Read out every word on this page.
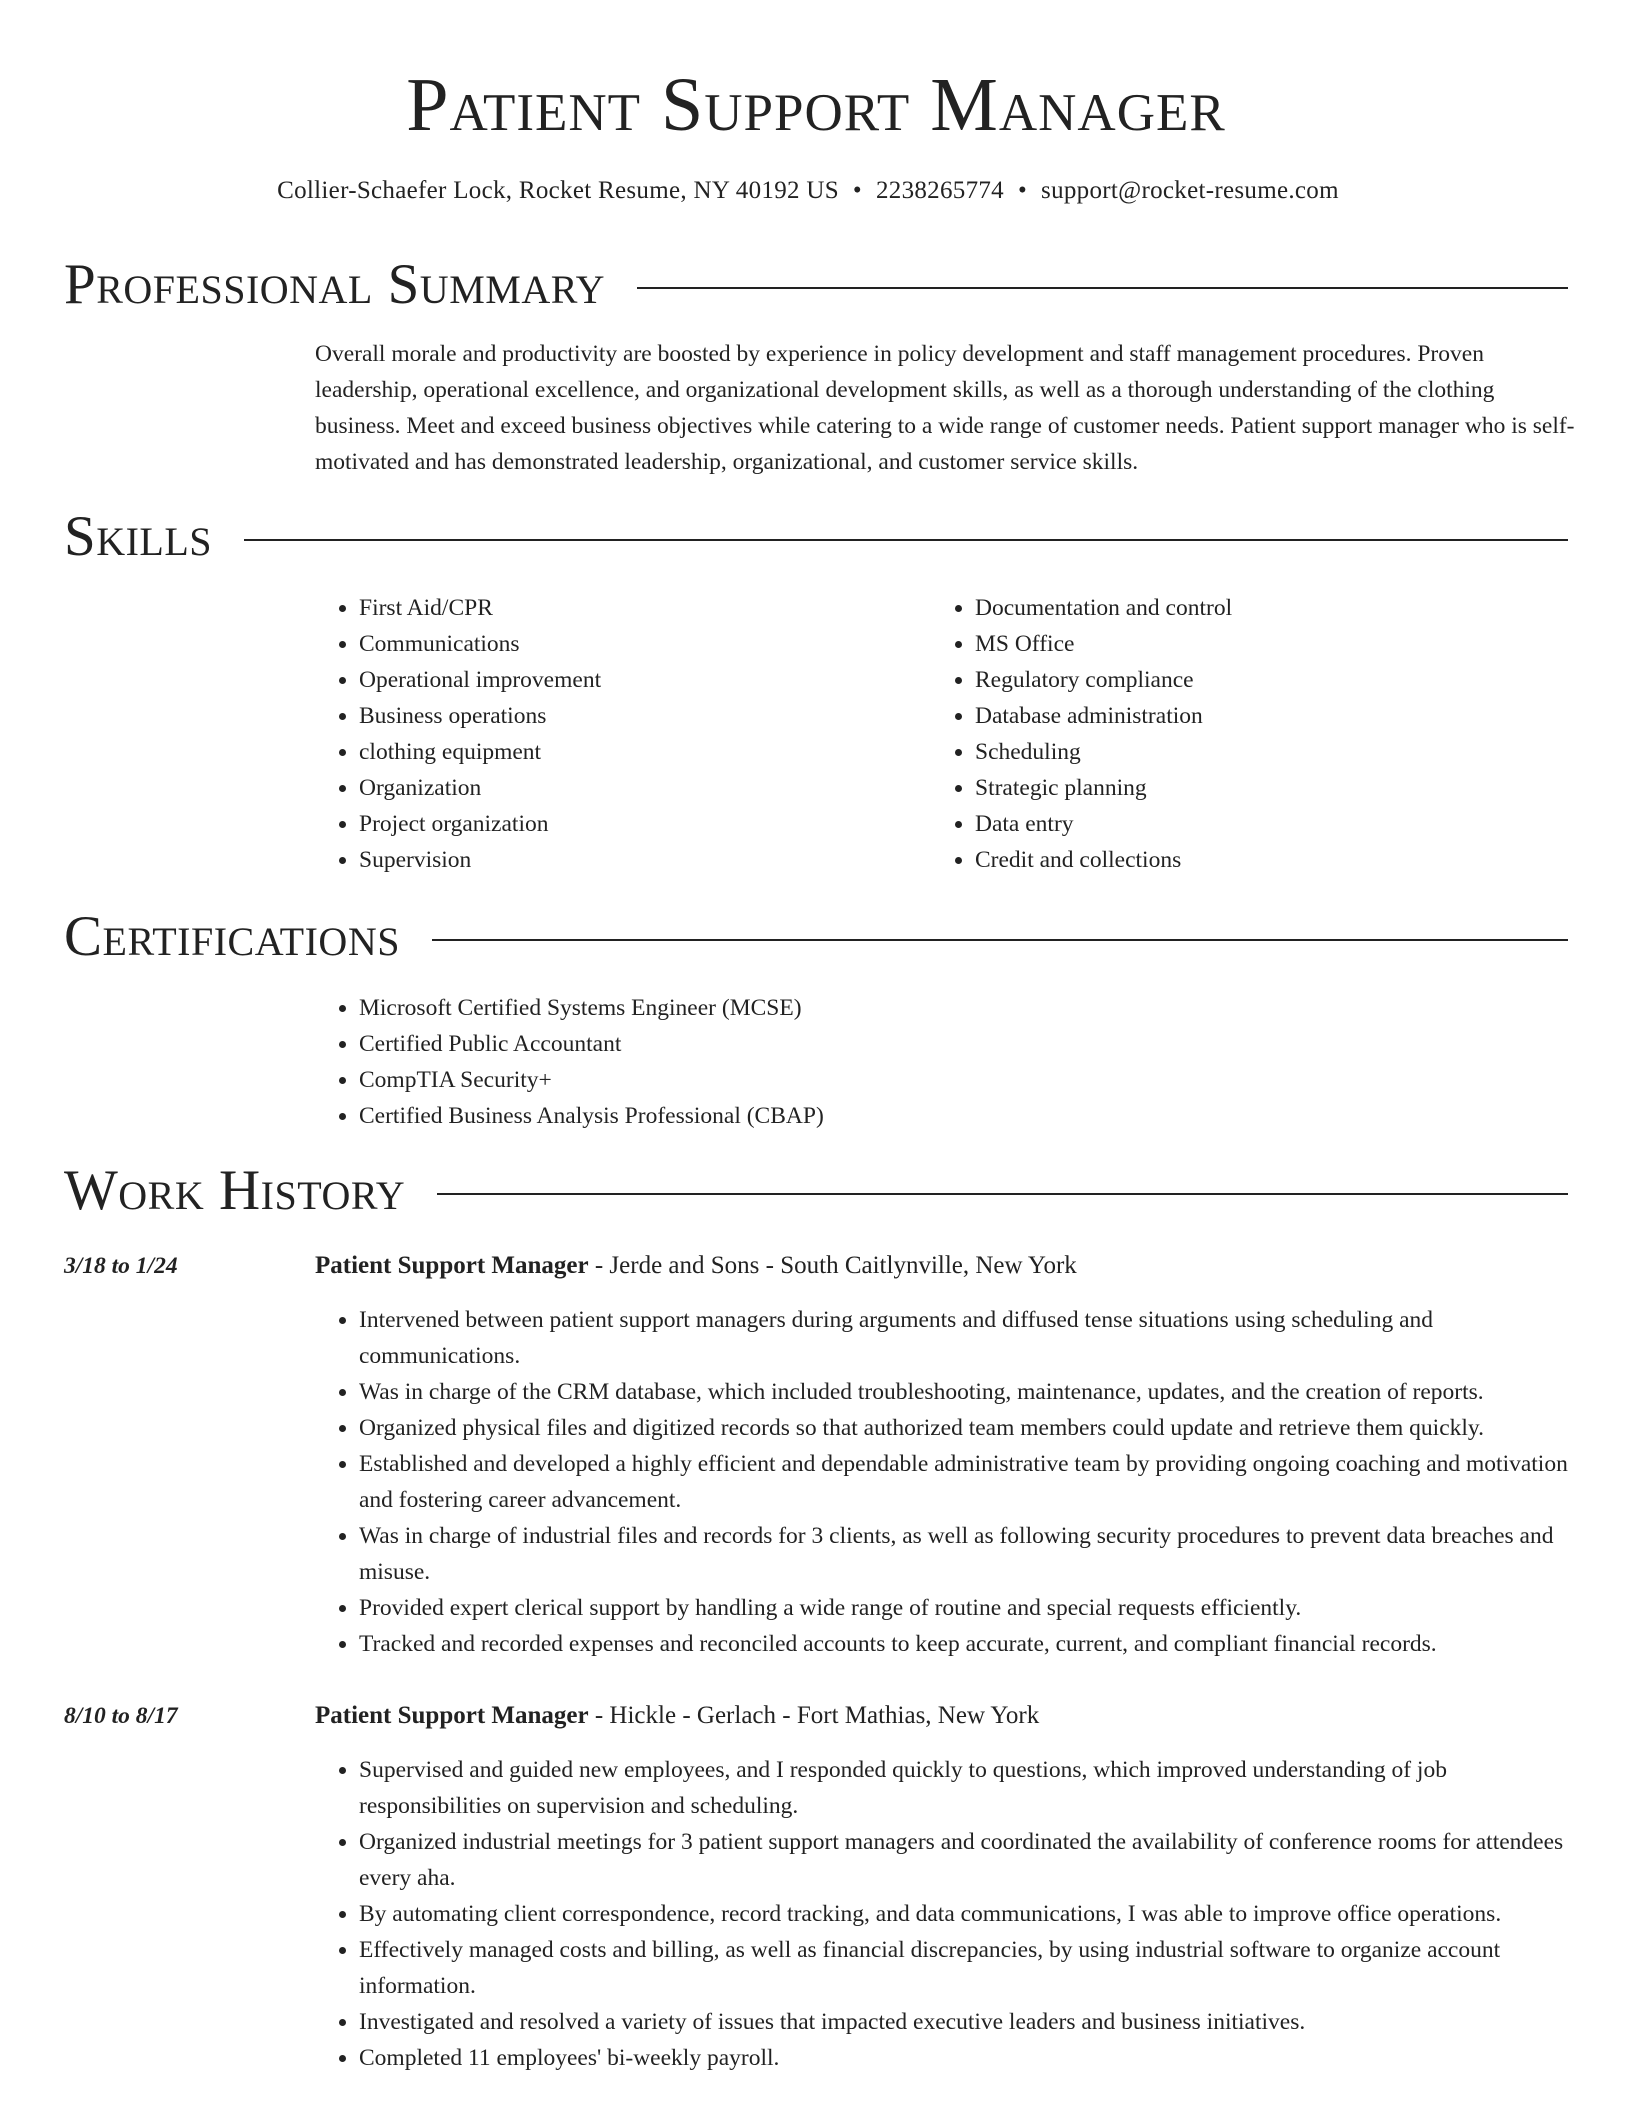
Patient Support Manager
Collier-Schaefer Lock, Rocket Resume, NY 40192 US • 2238265774 • support@rocket-resume.com
Professional Summary

Overall morale and productivity are boosted by experience in policy development and staff management procedures. Proven leadership, operational excellence, and organizational development skills, as well as a thorough understanding of the clothing business. Meet and exceed business objectives while catering to a wide range of customer needs. Patient support manager who is self-motivated and has demonstrated leadership, organizational, and customer service skills.

Skills
• First Aid/CPR
• Communications
• Operational improvement
• Business operations
• clothing equipment
• Organization
• Project organization
• Supervision
• Documentation and control
• MS Office
• Regulatory compliance
• Database administration
• Scheduling
• Strategic planning
• Data entry
• Credit and collections
Certifications
• Microsoft Certified Systems Engineer (MCSE)
• Certified Public Accountant
• CompTIA Security+
• Certified Business Analysis Professional (CBAP)
Work History
3/18 to 1/24	Patient Support Manager - Jerde and Sons - South Caitlynville, New York
• Intervened between patient support managers during arguments and diffused tense situations using scheduling and communications.
• Was in charge of the CRM database, which included troubleshooting, maintenance, updates, and the creation of reports.
• Organized physical files and digitized records so that authorized team members could update and retrieve them quickly.
• Established and developed a highly efficient and dependable administrative team by providing ongoing coaching and motivation and fostering career advancement.
• Was in charge of industrial files and records for 3 clients, as well as following security procedures to prevent data breaches and misuse.
• Provided expert clerical support by handling a wide range of routine and special requests efficiently.
• Tracked and recorded expenses and reconciled accounts to keep accurate, current, and compliant financial records.
8/10 to 8/17	Patient Support Manager - Hickle - Gerlach - Fort Mathias, New York
• Supervised and guided new employees, and I responded quickly to questions, which improved understanding of job responsibilities on supervision and scheduling.
• Organized industrial meetings for 3 patient support managers and coordinated the availability of conference rooms for attendees every aha.
• By automating client correspondence, record tracking, and data communications, I was able to improve office operations.
• Effectively managed costs and billing, as well as financial discrepancies, by using industrial software to organize account information.
• Investigated and resolved a variety of issues that impacted executive leaders and business initiatives.
• Completed 11 employees' bi-weekly payroll.
